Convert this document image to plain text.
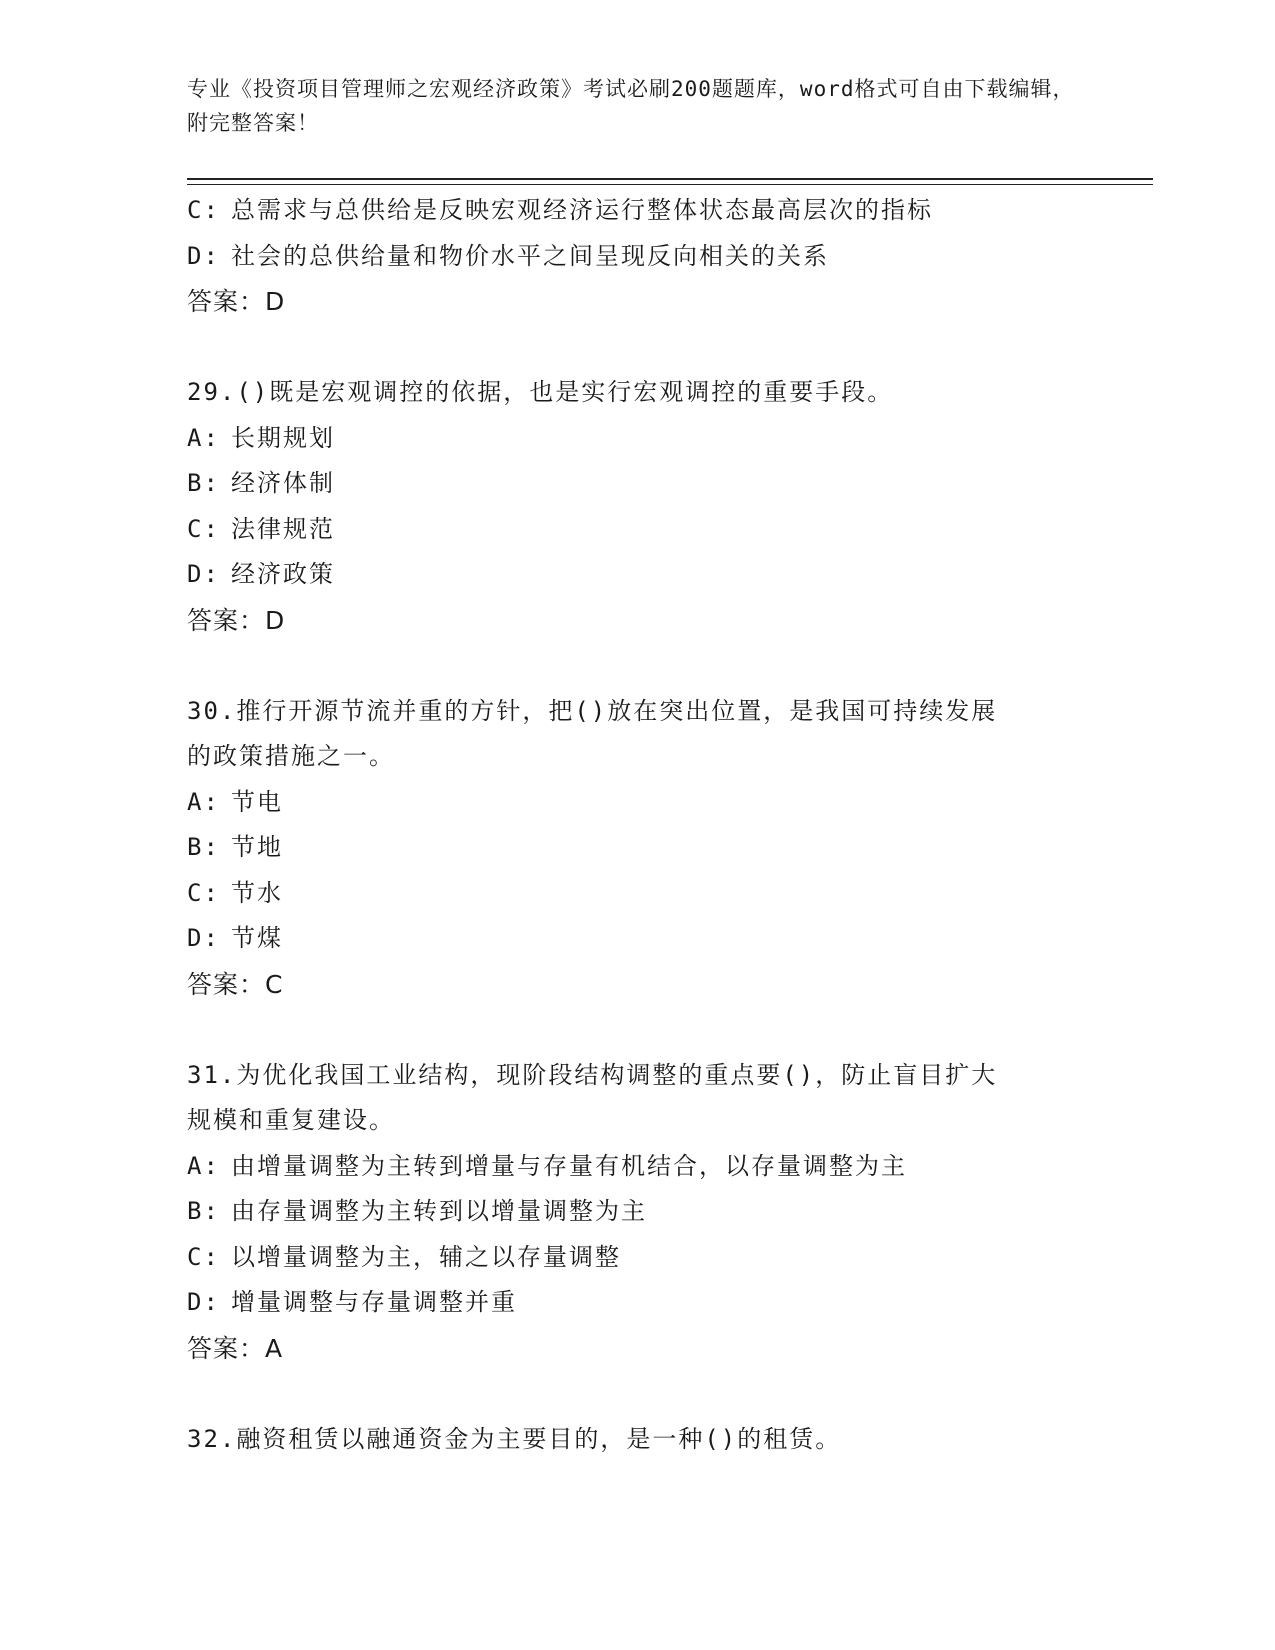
专业《投资项目管理师之宏观经济政策》考试必刷200题题库，word格式可自由下载编辑，附完整答案！
C: 总需求与总供给是反映宏观经济运行整体状态最高层次的指标
D: 社会的总供给量和物价水平之间呈现反向相关的关系
答案：D
29.()既是宏观调控的依据，也是实行宏观调控的重要手段。
A: 长期规划
B: 经济体制
C: 法律规范
D: 经济政策
答案：D
30.推行开源节流并重的方针，把()放在突出位置，是我国可持续发展
的政策措施之一。
A: 节电
B: 节地
C: 节水
D: 节煤
答案：C
31.为优化我国工业结构，现阶段结构调整的重点要()，防止盲目扩大
规模和重复建设。
A: 由增量调整为主转到增量与存量有机结合，以存量调整为主
B: 由存量调整为主转到以增量调整为主
C: 以增量调整为主，辅之以存量调整
D: 增量调整与存量调整并重
答案：A
32.融资租赁以融通资金为主要目的，是一种()的租赁。
